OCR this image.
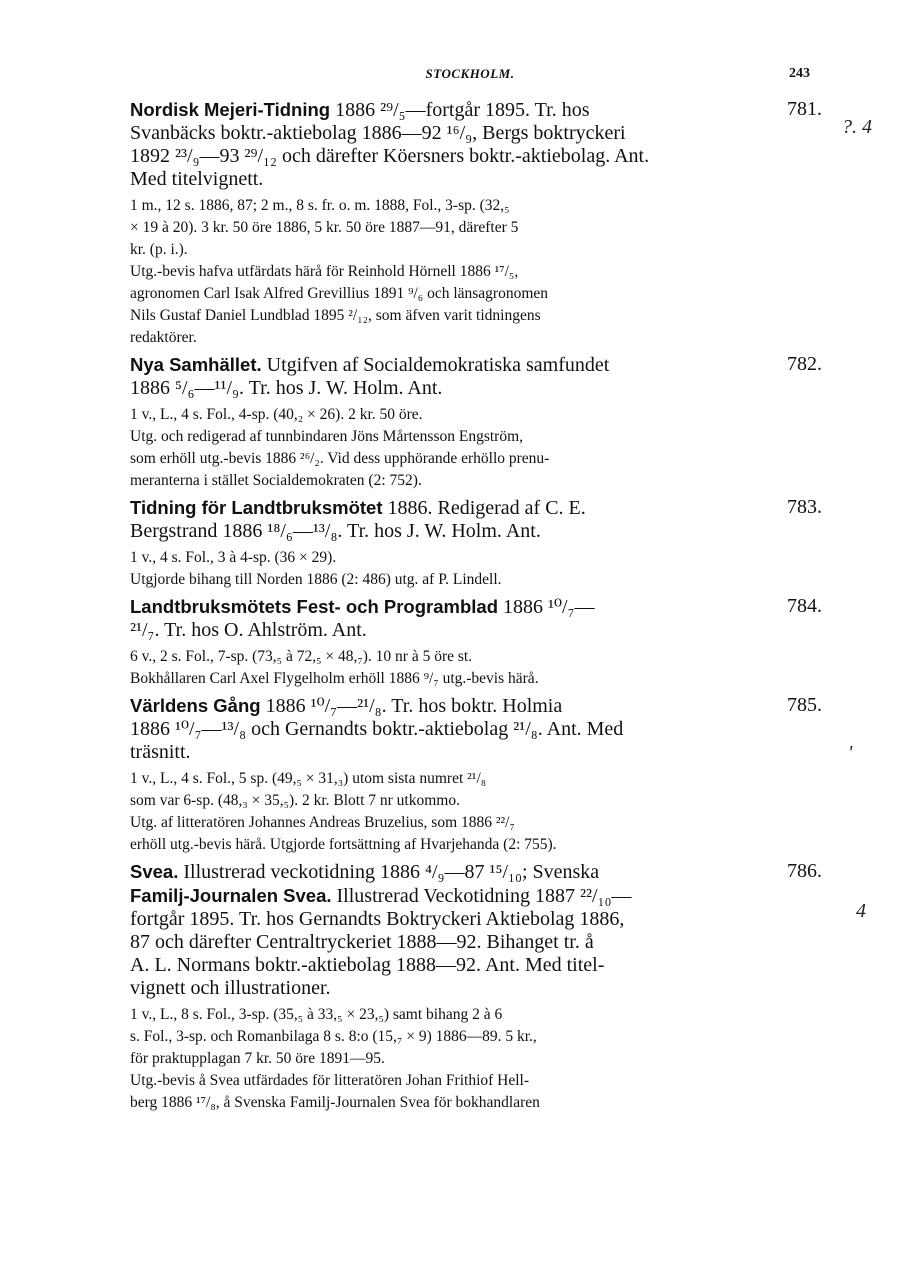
STOCKHOLM.	243
?. 4
'
4
781.
Nordisk Mejeri-Tidning 1886 ²⁹/₅—fortgår 1895. Tr. hos
Svanbäcks boktr.-aktiebolag 1886—92 ¹⁶/₉, Bergs boktryckeri
1892 ²³/₉—93 ²⁹/₁₂ och därefter Köersners boktr.-aktiebolag. Ant.
Med titelvignett.
1 m., 12 s. 1886, 87; 2 m., 8 s. fr. o. m. 1888, Fol., 3-sp. (32,₅
× 19 à 20). 3 kr. 50 öre 1886, 5 kr. 50 öre 1887—91, därefter 5
kr. (p. i.).
Utg.-bevis hafva utfärdats härå för Reinhold Hörnell 1886 ¹⁷/₅,
agronomen Carl Isak Alfred Grevillius 1891 ⁹/₆ och länsagronomen
Nils Gustaf Daniel Lundblad 1895 ²/₁₂, som äfven varit tidningens
redaktörer.
782.
Nya Samhället. Utgifven af Socialdemokratiska samfundet
1886 ⁵/₆—¹¹/₉. Tr. hos J. W. Holm. Ant.
1 v., L., 4 s. Fol., 4-sp. (40,₂ × 26). 2 kr. 50 öre.
Utg. och redigerad af tunnbindaren Jöns Mårtensson Engström,
som erhöll utg.-bevis 1886 ²⁶/₂. Vid dess upphörande erhöllo prenu-
meranterna i stället Socialdemokraten (2: 752).
783.
Tidning för Landtbruksmötet 1886. Redigerad af C. E.
Bergstrand 1886 ¹⁸/₆—¹³/₈. Tr. hos J. W. Holm. Ant.
1 v., 4 s. Fol., 3 à 4-sp. (36 × 29).
Utgjorde bihang till Norden 1886 (2: 486) utg. af P. Lindell.
784.
Landtbruksmötets Fest- och Programblad 1886 ¹⁰/₇—
²¹/₇. Tr. hos O. Ahlström. Ant.
6 v., 2 s. Fol., 7-sp. (73,₅ à 72,₅ × 48,₇). 10 nr à 5 öre st.
Bokhållaren Carl Axel Flygelholm erhöll 1886 ⁹/₇ utg.-bevis härå.
785.
Världens Gång 1886 ¹⁰/₇—²¹/₈. Tr. hos boktr. Holmia
1886 ¹⁰/₇—¹³/₈ och Gernandts boktr.-aktiebolag ²¹/₈. Ant. Med
träsnitt.
1 v., L., 4 s. Fol., 5 sp. (49,₅ × 31,₃) utom sista numret ²¹/₈
som var 6-sp. (48,₃ × 35,₅). 2 kr. Blott 7 nr utkommo.
Utg. af litteratören Johannes Andreas Bruzelius, som 1886 ²²/₇
erhöll utg.-bevis härå. Utgjorde fortsättning af Hvarjehanda (2: 755).
786.
Svea. Illustrerad veckotidning 1886 ⁴/₉—87 ¹⁵/₁₀; Svenska
Familj-Journalen Svea. Illustrerad Veckotidning 1887 ²²/₁₀—
fortgår 1895. Tr. hos Gernandts Boktryckeri Aktiebolag 1886,
87 och därefter Centraltryckeriet 1888—92. Bihanget tr. å
A. L. Normans boktr.-aktiebolag 1888—92. Ant. Med titel-
vignett och illustrationer.
1 v., L., 8 s. Fol., 3-sp. (35,₅ à 33,₅ × 23,₅) samt bihang 2 à 6
s. Fol., 3-sp. och Romanbilaga 8 s. 8:o (15,₇ × 9) 1886—89. 5 kr.,
för praktupplagan 7 kr. 50 öre 1891—95.
Utg.-bevis å Svea utfärdades för litteratören Johan Frithiof Hell-
berg 1886 ¹⁷/₈, å Svenska Familj-Journalen Svea för bokhandlaren
